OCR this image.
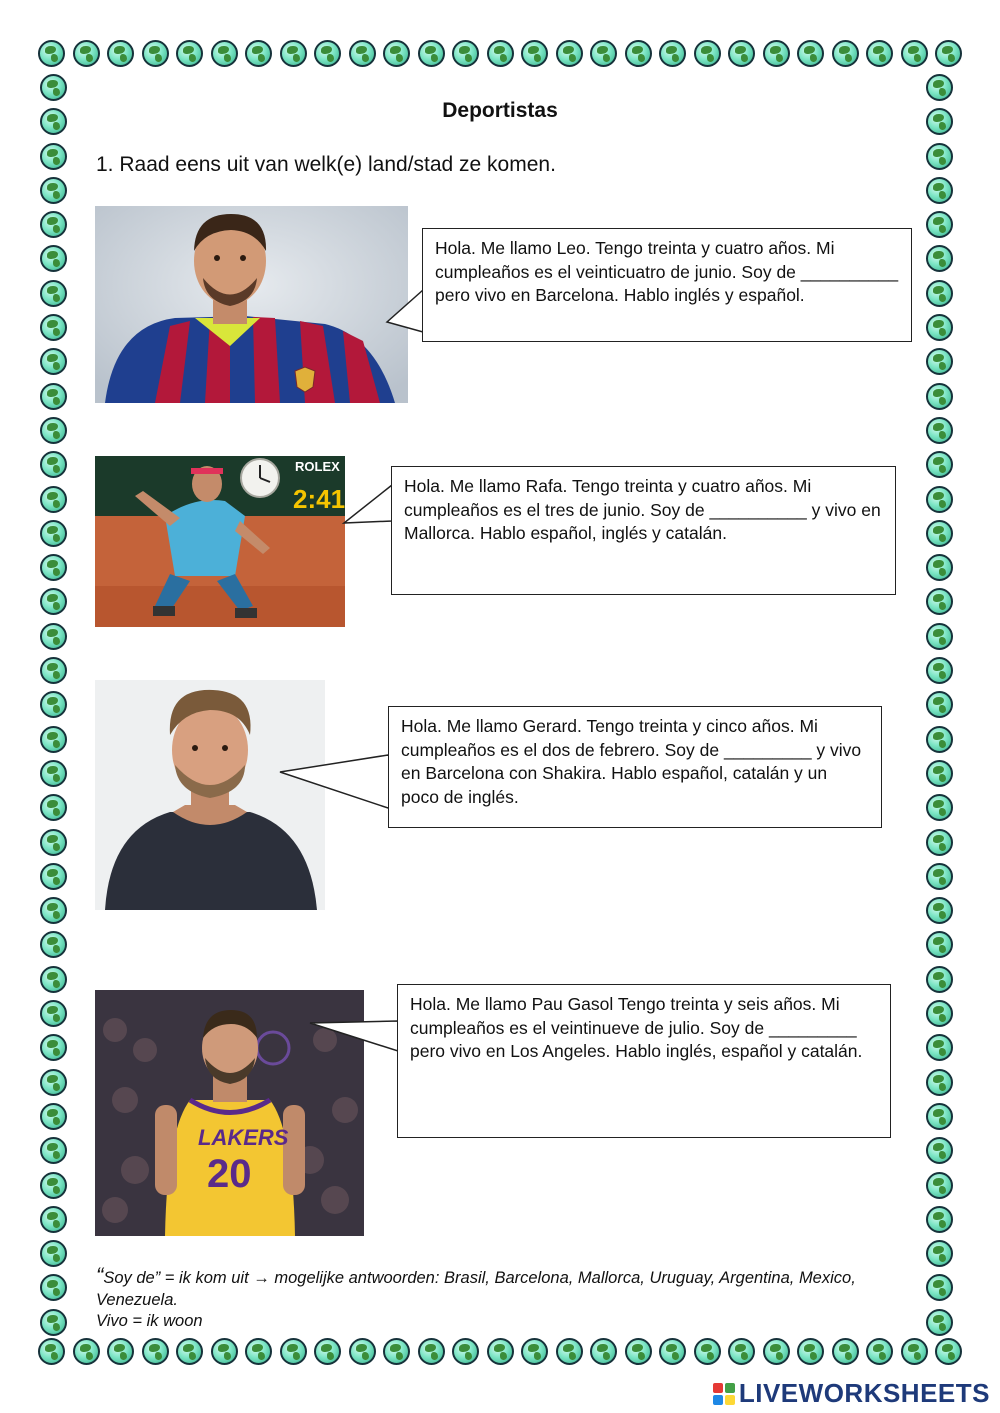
Deportistas

1. Raad eens uit van welk(e) land/stad ze komen.

Hola. Me llamo Leo. Tengo treinta y cuatro años. Mi cumpleaños es el veinticuatro de junio. Soy de __________ pero vivo en Barcelona. Hablo inglés y español.

ROLEX
2:41	Hola. Me llamo Rafa. Tengo treinta y cuatro años. Mi cumpleaños es el tres de junio. Soy de __________ y vivo en Mallorca. Hablo español, inglés y catalán.

Hola. Me llamo Gerard. Tengo treinta y cinco años. Mi cumpleaños es el dos de febrero. Soy de _________ y vivo en Barcelona con Shakira. Hablo español, catalán y un poco de inglés.

LAKERS
20

Hola. Me llamo Pau Gasol Tengo treinta y seis años. Mi cumpleaños es el veintinueve de julio. Soy de _________ pero vivo en Los Angeles. Hablo inglés, español y catalán.

“Soy de” = ik kom uit → mogelijke antwoorden: Brasil, Barcelona, Mallorca, Uruguay, Argentina, Mexico, Venezuela.

Vivo = ik woon

LIVEWORKSHEETS
